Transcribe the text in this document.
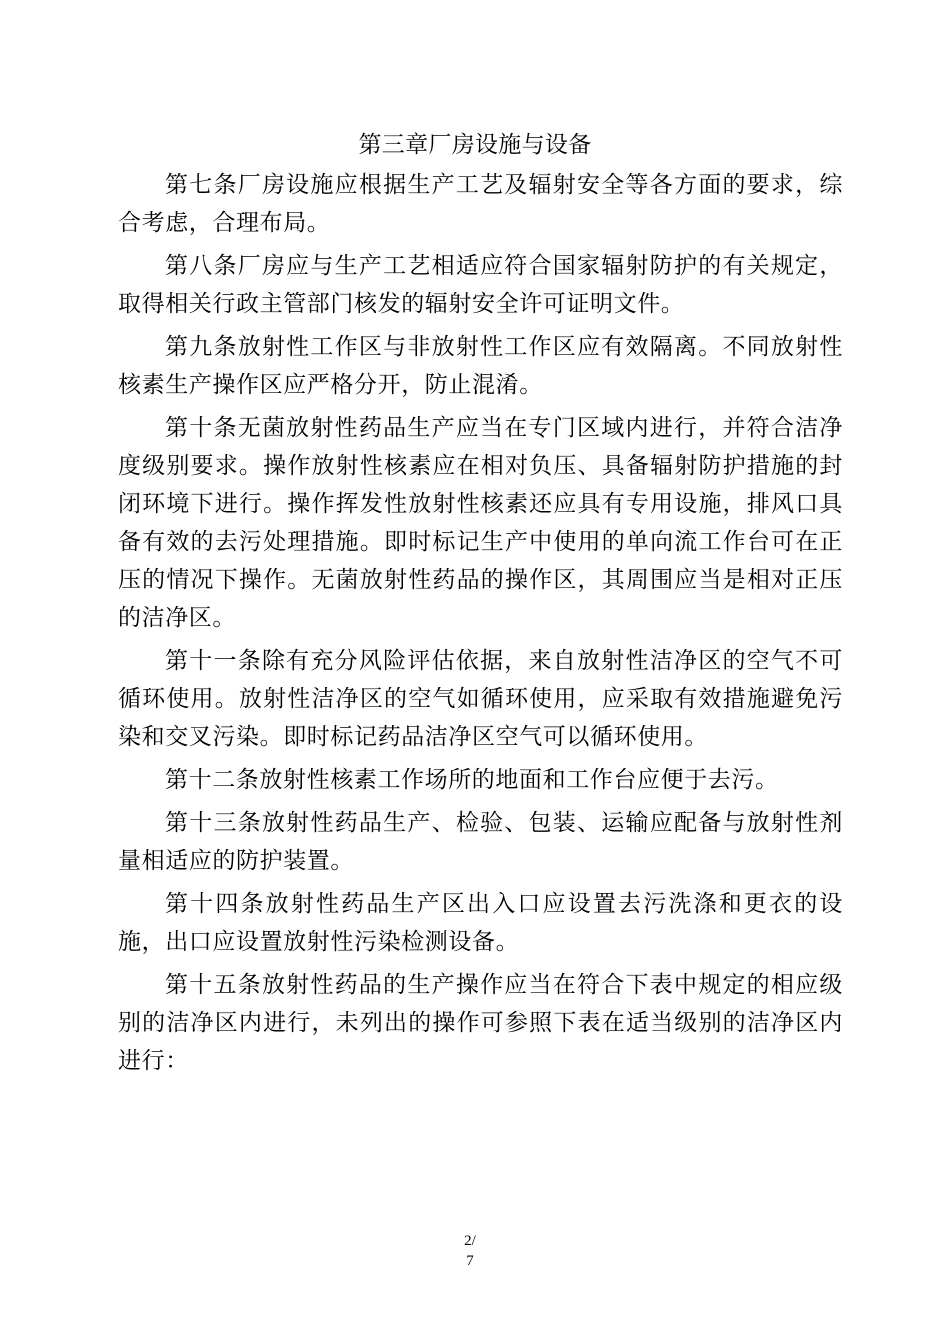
第三章厂房设施与设备

第七条厂房设施应根据生产工艺及辐射安全等各方面的要求，综合考虑，合理布局。

第八条厂房应与生产工艺相适应符合国家辐射防护的有关规定，取得相关行政主管部门核发的辐射安全许可证明文件。

第九条放射性工作区与非放射性工作区应有效隔离。不同放射性核素生产操作区应严格分开，防止混淆。

第十条无菌放射性药品生产应当在专门区域内进行，并符合洁净度级别要求。操作放射性核素应在相对负压、具备辐射防护措施的封闭环境下进行。操作挥发性放射性核素还应具有专用设施，排风口具备有效的去污处理措施。即时标记生产中使用的单向流工作台可在正压的情况下操作。无菌放射性药品的操作区，其周围应当是相对正压的洁净区。

第十一条除有充分风险评估依据，来自放射性洁净区的空气不可循环使用。放射性洁净区的空气如循环使用，应采取有效措施避免污染和交叉污染。即时标记药品洁净区空气可以循环使用。

第十二条放射性核素工作场所的地面和工作台应便于去污。

第十三条放射性药品生产、检验、包装、运输应配备与放射性剂量相适应的防护装置。

第十四条放射性药品生产区出入口应设置去污洗涤和更衣的设施，出口应设置放射性污染检测设备。

第十五条放射性药品的生产操作应当在符合下表中规定的相应级别的洁净区内进行，未列出的操作可参照下表在适当级别的洁净区内进行：

2/
7
